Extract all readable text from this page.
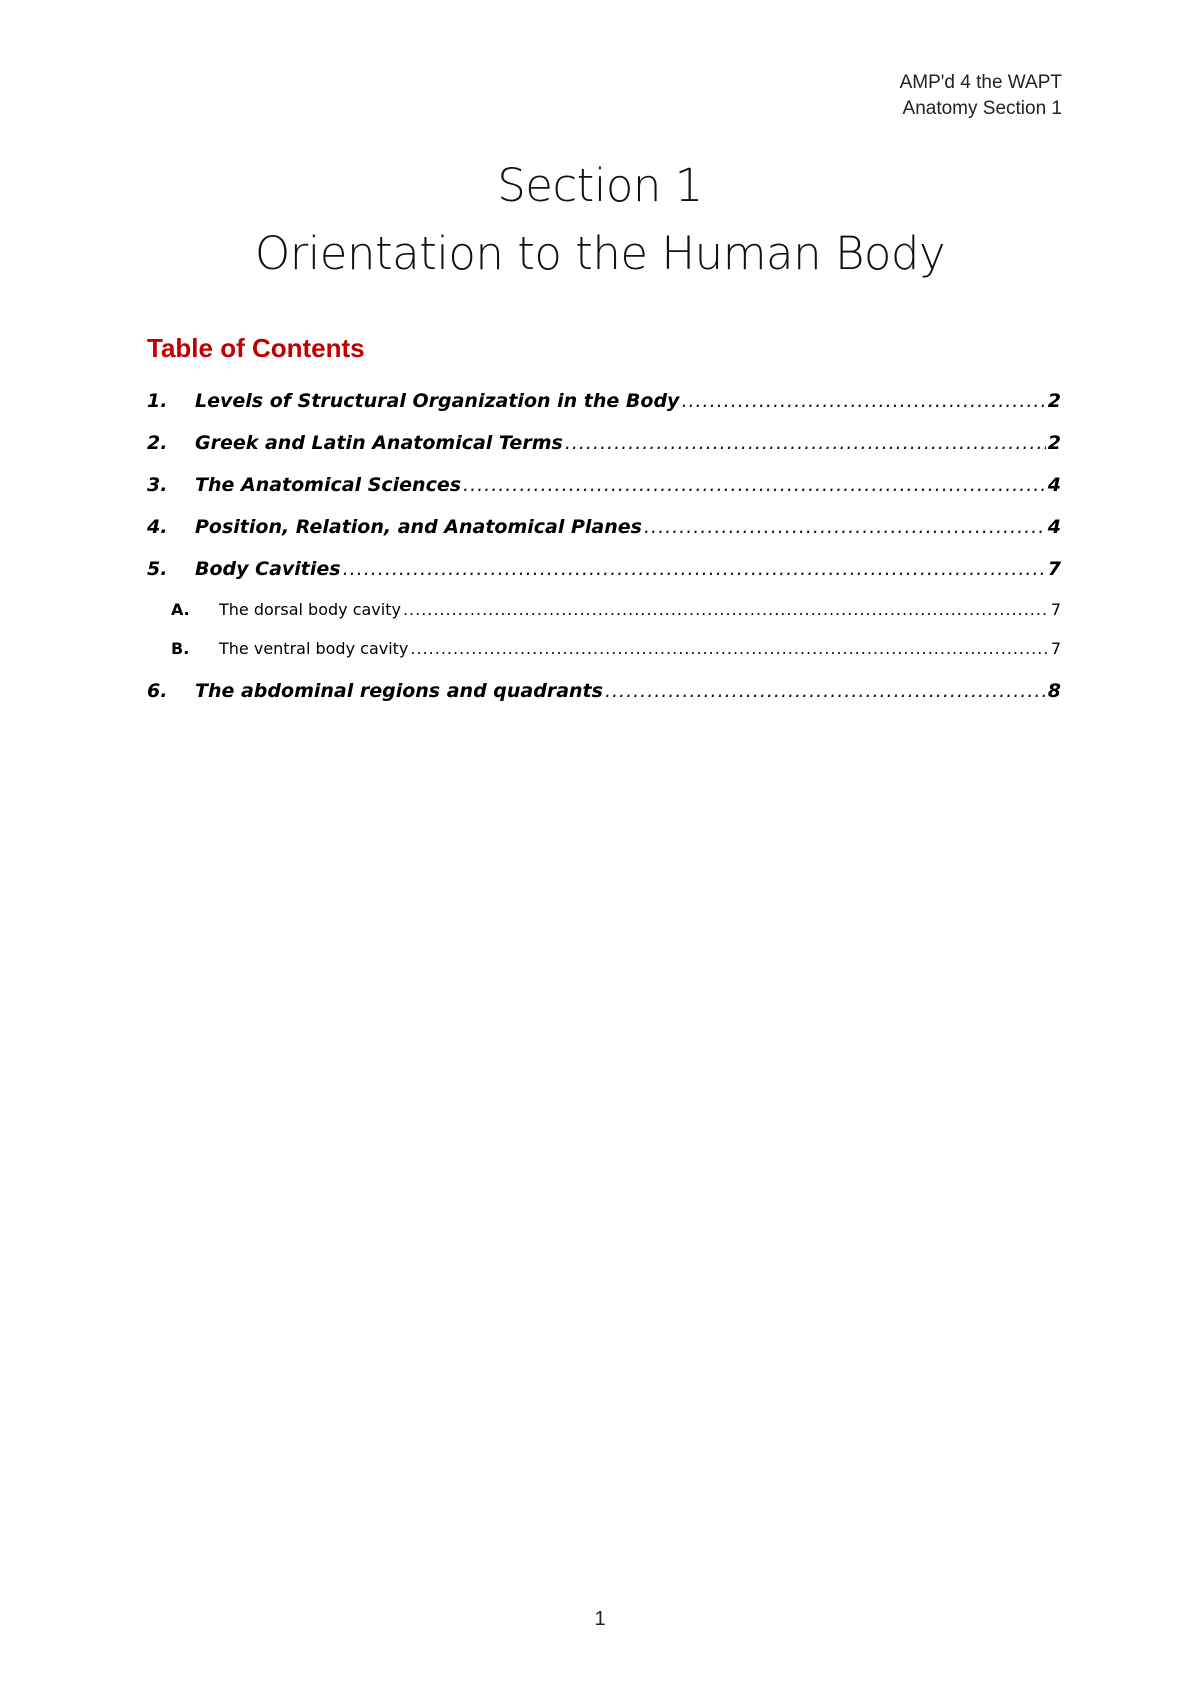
AMP'd 4 the WAPT
Anatomy Section 1
Section 1
Orientation to the Human Body
Table of Contents
1.	Levels of Structural Organization in the Body .....	2
2.	Greek and Latin Anatomical Terms .....	2
3.	The Anatomical Sciences .....	4
4.	Position, Relation, and Anatomical Planes .....	4
5.	Body Cavities .....	7
A.	The dorsal body cavity .....	7
B.	The ventral body cavity .....	7
6.	The abdominal regions and quadrants .....	8
1
